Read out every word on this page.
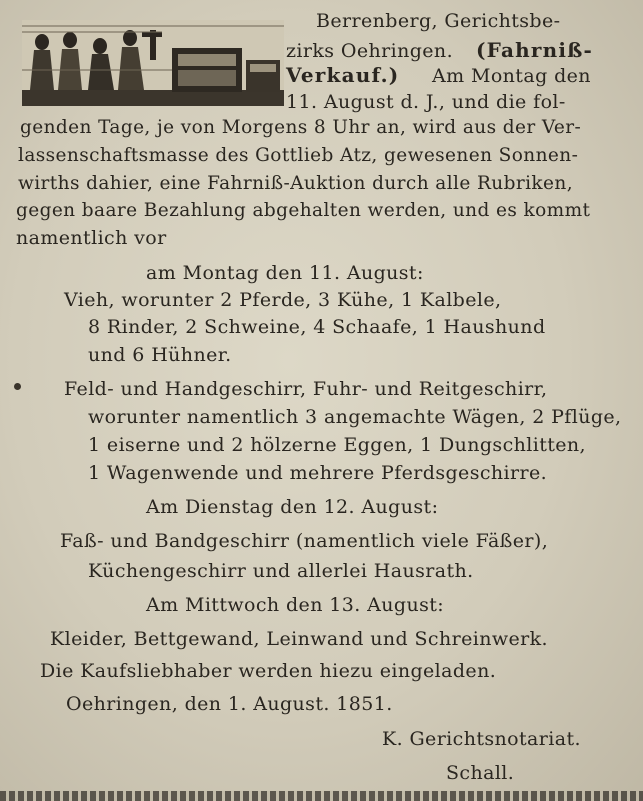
Berrenberg, Gerichtsbe-
zirks Oehringen. (Fahrniß-
Verkauf.) Am Montag den
11. August d. J., und die fol-
genden Tage, je von Morgens 8 Uhr an, wird aus der Ver-
lassenschaftsmasse des Gottlieb Atz, gewesenen Sonnen-
wirths dahier, eine Fahrniß-Auktion durch alle Rubriken,
gegen baare Bezahlung abgehalten werden, und es kommt
namentlich vor
am Montag den 11. August:
Vieh, worunter 2 Pferde, 3 Kühe, 1 Kalbele,
8 Rinder, 2 Schweine, 4 Schaafe, 1 Haushund
und 6 Hühner.
Feld- und Handgeschirr, Fuhr- und Reitgeschirr,
worunter namentlich 3 angemachte Wägen, 2 Pflüge,
1 eiserne und 2 hölzerne Eggen, 1 Dungschlitten,
1 Wagenwende und mehrere Pferdsgeschirre.
Am Dienstag den 12. August:
Faß- und Bandgeschirr (namentlich viele Fäßer),
Küchengeschirr und allerlei Hausrath.
Am Mittwoch den 13. August:
Kleider, Bettgewand, Leinwand und Schreinwerk.
Die Kaufsliebhaber werden hiezu eingeladen.
Oehringen, den 1. August. 1851.
K. Gerichtsnotariat.
Schall.
